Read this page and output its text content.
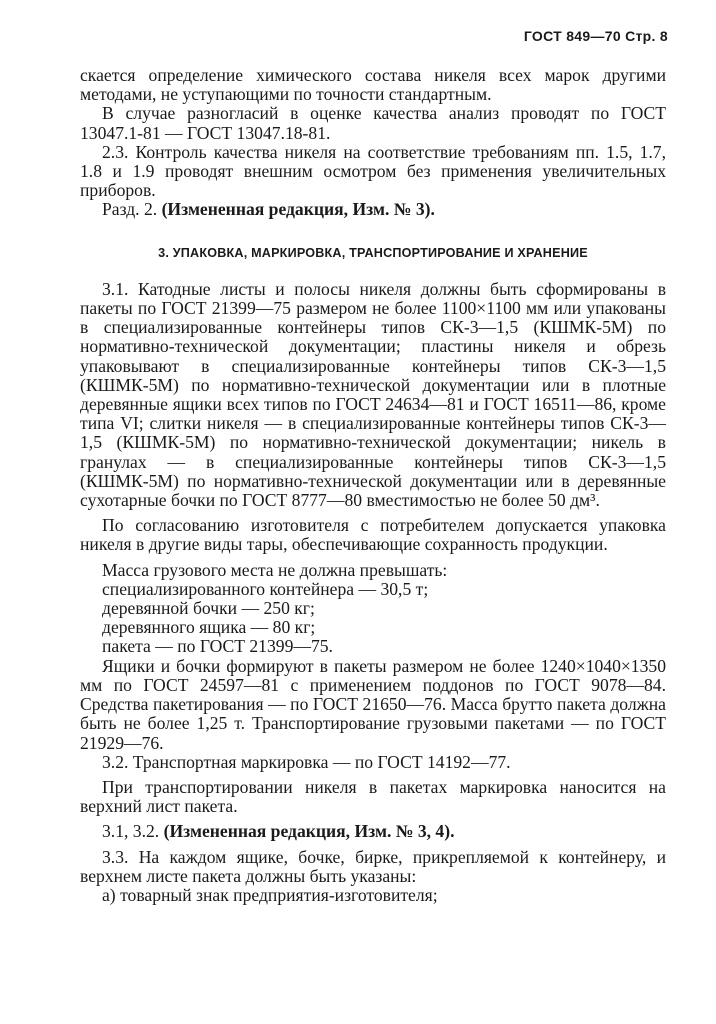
ГОСТ 849—70 Стр. 8

скается определение химического состава никеля всех марок другими методами, не уступающими по точности стандартным.

В случае разногласий в оценке качества анализ проводят по ГОСТ 13047.1-81 — ГОСТ 13047.18-81.

2.3. Контроль качества никеля на соответствие требованиям пп. 1.5, 1.7, 1.8 и 1.9 проводят внешним осмотром без применения увеличительных приборов.

Разд. 2. (Измененная редакция, Изм. № 3).

3. УПАКОВКА, МАРКИРОВКА, ТРАНСПОРТИРОВАНИЕ И ХРАНЕНИЕ

3.1. Катодные листы и полосы никеля должны быть сформированы в пакеты по ГОСТ 21399—75 размером не более 1100×1100 мм или упакованы в специализированные контейнеры типов СК-3—1,5 (КШМК-5М) по нормативно-технической документации; пластины никеля и обрезь упаковывают в специализированные контейнеры типов СК-3—1,5 (КШМК-5М) по нормативно-технической документации или в плотные деревянные ящики всех типов по ГОСТ 24634—81 и ГОСТ 16511—86, кроме типа VI; слитки никеля — в специализированные контейнеры типов СК-3—1,5 (КШМК-5М) по нормативно-технической документации; никель в гранулах — в специализированные контейнеры типов СК-3—1,5 (КШМК-5М) по нормативно-технической документации или в деревянные сухотарные бочки по ГОСТ 8777—80 вместимостью не более 50 дм³.

По согласованию изготовителя с потребителем допускается упаковка никеля в другие виды тары, обеспечивающие сохранность продукции.

Масса грузового места не должна превышать:

специализированного контейнера — 30,5 т;
деревянной бочки — 250 кг;
деревянного ящика — 80 кг;
пакета — по ГОСТ 21399—75.

Ящики и бочки формируют в пакеты размером не более 1240×1040×1350 мм по ГОСТ 24597—81 с применением поддонов по ГОСТ 9078—84. Средства пакетирования — по ГОСТ 21650—76. Масса брутто пакета должна быть не более 1,25 т. Транспортирование грузовыми пакетами — по ГОСТ 21929—76.

3.2. Транспортная маркировка — по ГОСТ 14192—77.

При транспортировании никеля в пакетах маркировка наносится на верхний лист пакета.

3.1, 3.2. (Измененная редакция, Изм. № 3, 4).

3.3. На каждом ящике, бочке, бирке, прикрепляемой к контейнеру, и верхнем листе пакета должны быть указаны:

а) товарный знак предприятия-изготовителя;
